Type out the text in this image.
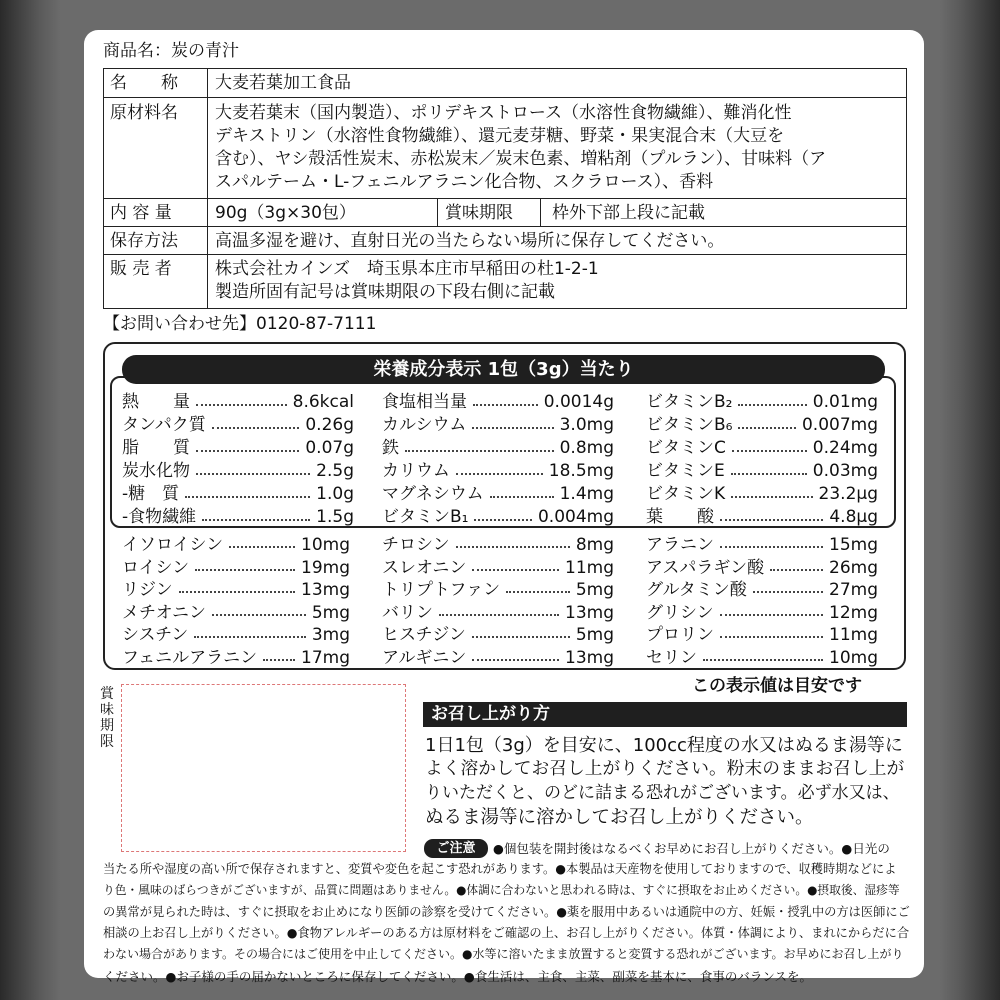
商品名：炭の青汁
名　　称 大麦若葉加工食品
原材料名 大麦若葉末（国内製造）、ポリデキストロース（水溶性食物繊維）、難消化性
デキストリン（水溶性食物繊維）、還元麦芽糖、野菜・果実混合末（大豆を
含む）、ヤシ殻活性炭末、赤松炭末／炭末色素、増粘剤（プルラン）、甘味料（ア
スパルテーム・L-フェニルアラニン化合物、スクラロース）、香料
内 容 量	90g（3g×30包）	賞味期限 枠外下部上段に記載
保存方法 高温多湿を避け、直射日光の当たらない場所に保存してください。
販 売 者	株式会社カインズ　埼玉県本庄市早稲田の杜1-2-1
製造所固有記号は賞味期限の下段右側に記載
【お問い合わせ先】0120-87-7111
栄養成分表示 1包（3g）当たり
熱　　量	8.6kcal
タンパク質	0.26g
脂　　質	0.07g
炭水化物	2.5g
-糖　質	1.0g
-食物繊維	1.5g
食塩相当量	0.0014g
カルシウム	3.0mg
鉄	0.8mg
カリウム	18.5mg
マグネシウム	1.4mg
ビタミンB₁	0.004mg
ビタミンB₂	0.01mg
ビタミンB₆	0.007mg
ビタミンC	0.24mg
ビタミンE	0.03mg
ビタミンK	23.2μg
葉　　酸	4.8μg
イソロイシン	10mg
ロイシン	19mg
リジン	13mg
メチオニン	5mg
シスチン	3mg
フェニルアラニン	17mg
チロシン	8mg
スレオニン	11mg
トリプトファン	5mg
バリン	13mg
ヒスチジン	5mg
アルギニン	13mg
アラニン	15mg
アスパラギン酸	26mg
グルタミン酸	27mg
グリシン	12mg
プロリン	11mg
セリン	10mg
この表示値は目安です
賞味期限
お召し上がり方
1日1包（3g）を目安に、100cc程度の水又はぬるま湯等に
よく溶かしてお召し上がりください。粉末のままお召し上が
りいただくと、のどに詰まる恐れがございます。必ず水又は、
ぬるま湯等に溶かしてお召し上がりください。
ご注意	●個包装を開封後はなるべくお早めにお召し上がりください。●日光の
当たる所や湿度の高い所で保存されますと、変質や変色を起こす恐れがあります。●本製品は天産物を使用しておりますので、収穫時期などによ
り色・風味のばらつきがございますが、品質に問題はありません。●体調に合わないと思われる時は、すぐに摂取をお止めください。●摂取後、湿疹等
の異常が見られた時は、すぐに摂取をお止めになり医師の診察を受けてください。●薬を服用中あるいは通院中の方、妊娠・授乳中の方は医師にご
相談の上お召し上がりください。●食物アレルギーのある方は原材料をご確認の上、お召し上がりください。体質・体調により、まれにからだに合
わない場合があります。その場合にはご使用を中止してください。●水等に溶いたまま放置すると変質する恐れがございます。お早めにお召し上がり
ください。●お子様の手の届かないところに保存してください。●食生活は、主食、主菜、副菜を基本に、食事のバランスを。
